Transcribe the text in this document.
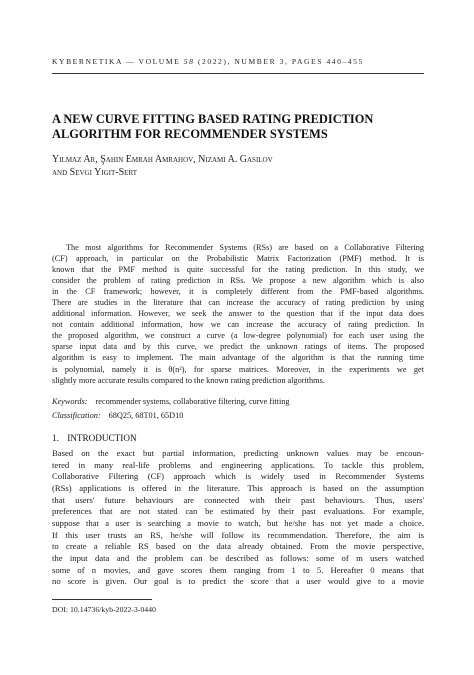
KYBERNETIKA — VOLUME 58 (2022), NUMBER 3, PAGES 440–455
A NEW CURVE FITTING BASED RATING PREDICTION
ALGORITHM FOR RECOMMENDER SYSTEMS
Yilmaz Ar, Şahin Emrah Amrahov, Nizami A. Gasilov
and Sevgi Yigit-Sert
The most algorithms for Recommender Systems (RSs) are based on a Collaborative Filtering
(CF) approach, in particular on the Probabilistic Matrix Factorization (PMF) method. It is
known that the PMF method is quite successful for the rating prediction. In this study, we
consider the problem of rating prediction in RSs. We propose a new algorithm which is also
in the CF framework; however, it is completely different from the PMF-based algorithms.
There are studies in the literature that can increase the accuracy of rating prediction by using
additional information. However, we seek the answer to the question that if the input data does
not contain additional information, how we can increase the accuracy of rating prediction. In
the proposed algorithm, we construct a curve (a low-degree polynomial) for each user using the
sparse input data and by this curve, we predict the unknown ratings of items. The proposed
algorithm is easy to implement. The main advantage of the algorithm is that the running time
is polynomial, namely it is θ(n²), for sparse matrices. Moreover, in the experiments we get
slightly more accurate results compared to the known rating prediction algorithms.
Keywords: recommender systems, collaborative filtering, curve fitting
Classification: 68Q25, 68T01, 65D10
1. INTRODUCTION
Based on the exact but partial information, predicting unknown values may be encoun-
tered in many real-life problems and engineering applications. To tackle this problem,
Collaborative Filtering (CF) approach which is widely used in Recommender Systems
(RSs) applications is offered in the literature. This approach is based on the assumption
that users' future behaviours are connected with their past behaviours. Thus, users'
preferences that are not stated can be estimated by their past evaluations. For example,
suppose that a user is searching a movie to watch, but he/she has not yet made a choice.
If this user trusts an RS, he/she will follow its recommendation. Therefore, the aim is
to create a reliable RS based on the data already obtained. From the movie perspective,
the input data and the problem can be described as follows: some of m users watched
some of n movies, and gave scores them ranging from 1 to 5. Hereafter 0 means that
no score is given. Our goal is to predict the score that a user would give to a movie
DOI: 10.14736/kyb-2022-3-0440
